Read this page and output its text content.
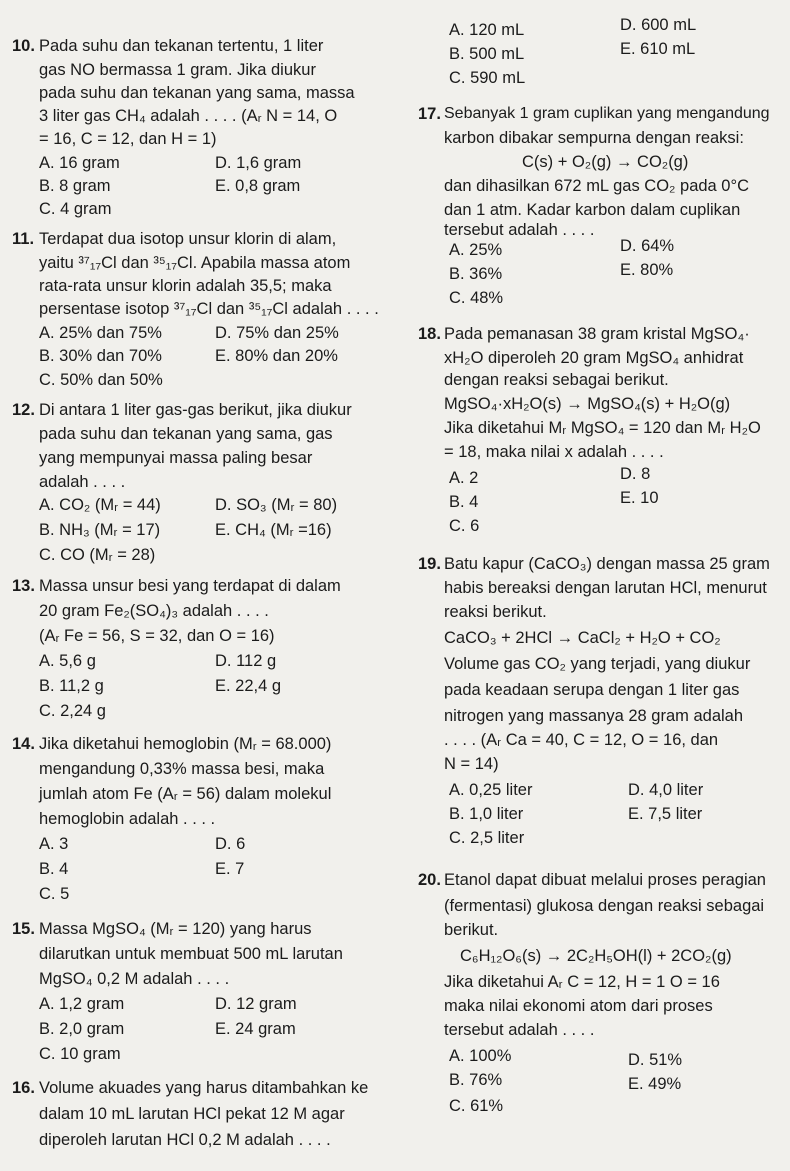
10. Pada suhu dan tekanan tertentu, 1 liter
gas NO bermassa 1 gram. Jika diukur
pada suhu dan tekanan yang sama, massa
3 liter gas CH₄ adalah . . . . (Aᵣ N = 14, O
= 16, C = 12, dan H = 1)
A. 16 gram	D. 1,6 gram
B. 8 gram	E. 0,8 gram
C. 4 gram
11. Terdapat dua isotop unsur klorin di alam,
yaitu ³⁷₁₇Cl dan ³⁵₁₇Cl. Apabila massa atom
rata-rata unsur klorin adalah 35,5; maka
persentase isotop ³⁷₁₇Cl dan ³⁵₁₇Cl adalah . . . .
A. 25% dan 75%	D. 75% dan 25%
B. 30% dan 70%	E. 80% dan 20%
C. 50% dan 50%
12. Di antara 1 liter gas-gas berikut, jika diukur
pada suhu dan tekanan yang sama, gas
yang mempunyai massa paling besar
adalah . . . .
A. CO₂ (Mᵣ = 44)	D. SO₃ (Mᵣ = 80)
B. NH₃ (Mᵣ = 17)	E. CH₄ (Mᵣ =16)
C. CO (Mᵣ = 28)
13. Massa unsur besi yang terdapat di dalam
20 gram Fe₂(SO₄)₃ adalah . . . .
(Aᵣ Fe = 56, S = 32, dan O = 16)
A. 5,6 g	D. 112 g
B. 11,2 g	E. 22,4 g
C. 2,24 g
14. Jika diketahui hemoglobin (Mᵣ = 68.000)
mengandung 0,33% massa besi, maka
jumlah atom Fe (Aᵣ = 56) dalam molekul
hemoglobin adalah . . . .
A. 3	D. 6
B. 4	E. 7
C. 5
15. Massa MgSO₄ (Mᵣ = 120) yang harus
dilarutkan untuk membuat 500 mL larutan
MgSO₄ 0,2 M adalah . . . .
A. 1,2 gram	D. 12 gram
B. 2,0 gram	E. 24 gram
C. 10 gram
16. Volume akuades yang harus ditambahkan ke
dalam 10 mL larutan HCl pekat 12 M agar
diperoleh larutan HCl 0,2 M adalah . . . .
A. 120 mL	D. 600 mL
B. 500 mL	E. 610 mL
C. 590 mL
17. Sebanyak 1 gram cuplikan yang mengandung
karbon dibakar sempurna dengan reaksi:
C(s) + O₂(g) → CO₂(g)
dan dihasilkan 672 mL gas CO₂ pada 0°C
dan 1 atm. Kadar karbon dalam cuplikan
tersebut adalah . . . .
A. 25%	D. 64%
B. 36%	E. 80%
C. 48%
18. Pada pemanasan 38 gram kristal MgSO₄·
xH₂O diperoleh 20 gram MgSO₄ anhidrat
dengan reaksi sebagai berikut.
MgSO₄·xH₂O(s) → MgSO₄(s) + H₂O(g)
Jika diketahui Mᵣ MgSO₄ = 120 dan Mᵣ H₂O
= 18, maka nilai x adalah . . . .
A. 2	D. 8
B. 4	E. 10
C. 6
19. Batu kapur (CaCO₃) dengan massa 25 gram
habis bereaksi dengan larutan HCl, menurut
reaksi berikut.
CaCO₃ + 2HCl → CaCl₂ + H₂O + CO₂
Volume gas CO₂ yang terjadi, yang diukur
pada keadaan serupa dengan 1 liter gas
nitrogen yang massanya 28 gram adalah
. . . . (Aᵣ Ca = 40, C = 12, O = 16, dan
N = 14)
A. 0,25 liter	D. 4,0 liter
B. 1,0 liter	E. 7,5 liter
C. 2,5 liter
20. Etanol dapat dibuat melalui proses peragian
(fermentasi) glukosa dengan reaksi sebagai
berikut.
C₆H₁₂O₆(s) → 2C₂H₅OH(l) + 2CO₂(g)
Jika diketahui Aᵣ C = 12, H = 1 O = 16
maka nilai ekonomi atom dari proses
tersebut adalah . . . .
A. 100%	D. 51%
B. 76%	E. 49%
C. 61%
